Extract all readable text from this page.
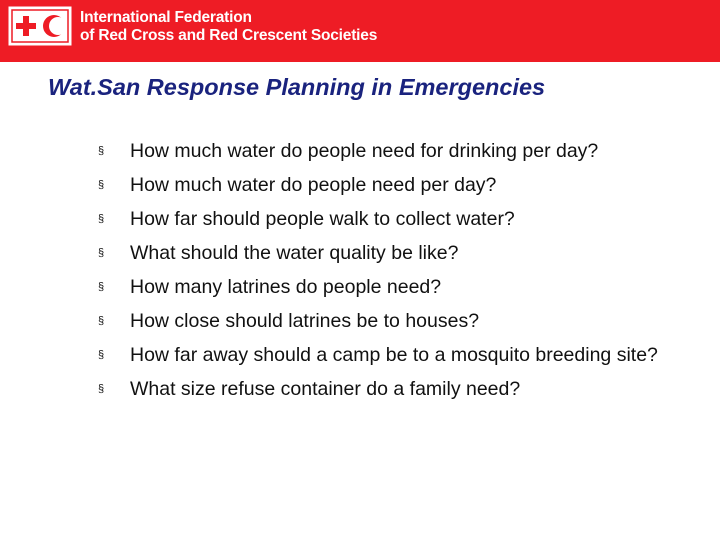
International Federation
of Red Cross and Red Crescent Societies
Wat.San Response Planning in Emergencies
§ How much water do people need for drinking per day?
§ How much water do people need per day?
§ How far should people walk to collect water?
§ What should the water quality be like?
§ How many latrines do people need?
§ How close should latrines be to houses?
§ How far away should a camp be to a mosquito breeding site?
§ What size refuse container do a family need?
